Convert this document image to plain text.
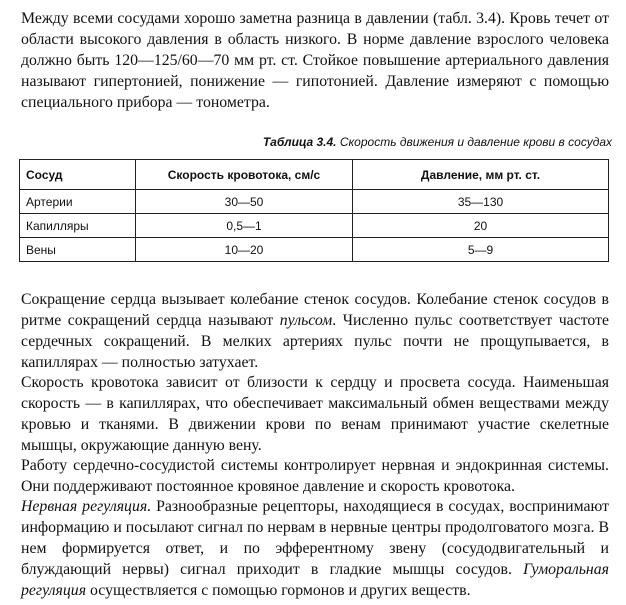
Между всеми сосудами хорошо заметна разница в давлении (табл. 3.4). Кровь течет от области высокого давления в область низкого. В норме давление взрослого человека должно быть 120—125/60—70 мм рт. ст. Стойкое повышение артериального давления называют гипертонией, понижение — гипотонией. Давление измеряют с помощью специального прибора — тонометра.

Таблица 3.4. Скорость движения и давление крови в сосудах
Сосуд	Скорость кровотока, см/с	Давление, мм рт. ст.
Артерии	30—50	35—130
Капилляры	0,5—1	20
Вены	10—20	5—9

Сокращение сердца вызывает колебание стенок сосудов. Колебание стенок сосудов в ритме сокращений сердца называют пульсом. Численно пульс соответствует частоте сердечных сокращений. В мелких артериях пульс почти не прощупывается, в капиллярах — полностью затухает.

Скорость кровотока зависит от близости к сердцу и просвета сосуда. Наименьшая скорость — в капиллярах, что обеспечивает максимальный обмен веществами между кровью и тканями. В движении крови по венам принимают участие скелетные мышцы, окружающие данную вену.

Работу сердечно-сосудистой системы контролирует нервная и эндокринная системы. Они поддерживают постоянное кровяное давление и скорость кровотока.

Нервная регуляция. Разнообразные рецепторы, находящиеся в сосудах, воспринимают информацию и посылают сигнал по нервам в нервные центры продолговатого мозга. В нем формируется ответ, и по эфферентному звену (сосудодвигательный и блуждающий нервы) сигнал приходит в гладкие мышцы сосудов. Гуморальная регуляция осуществляется с помощью гормонов и других веществ.
